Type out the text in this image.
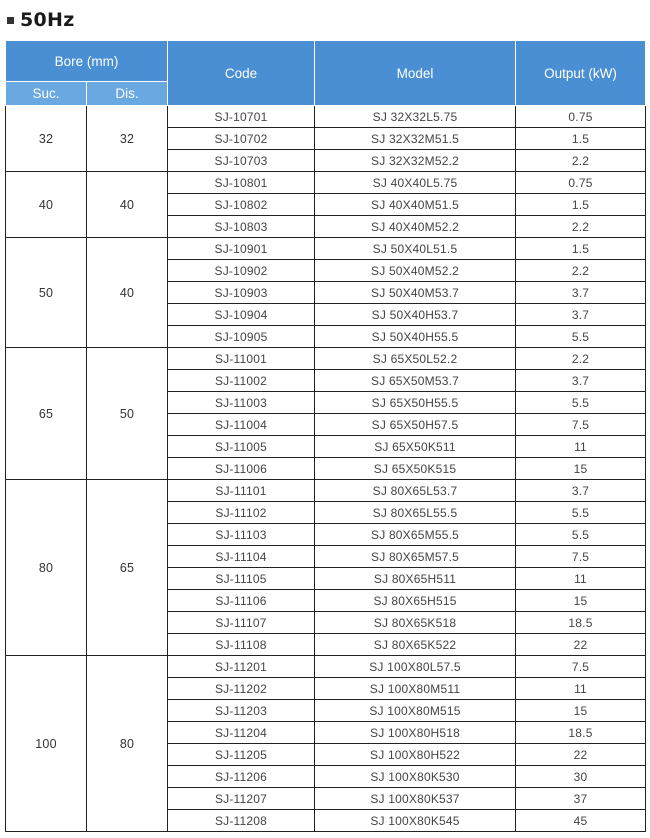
50Hz
Bore (mm)		Code	Model	Output (kW)
Suc.	Dis.			
32	32	SJ-10701	SJ 32X32L5.75	0.75
		SJ-10702	SJ 32X32M51.5	1.5
		SJ-10703	SJ 32X32M52.2	2.2
40	40	SJ-10801	SJ 40X40L5.75	0.75
		SJ-10802	SJ 40X40M51.5	1.5
		SJ-10803	SJ 40X40M52.2	2.2
50	40	SJ-10901	SJ 50X40L51.5	1.5
		SJ-10902	SJ 50X40M52.2	2.2
		SJ-10903	SJ 50X40M53.7	3.7
		SJ-10904	SJ 50X40H53.7	3.7
		SJ-10905	SJ 50X40H55.5	5.5
65	50	SJ-11001	SJ 65X50L52.2	2.2
		SJ-11002	SJ 65X50M53.7	3.7
		SJ-11003	SJ 65X50H55.5	5.5
		SJ-11004	SJ 65X50H57.5	7.5
		SJ-11005	SJ 65X50K511	11
		SJ-11006	SJ 65X50K515	15
80	65	SJ-11101	SJ 80X65L53.7	3.7
		SJ-11102	SJ 80X65L55.5	5.5
		SJ-11103	SJ 80X65M55.5	5.5
		SJ-11104	SJ 80X65M57.5	7.5
		SJ-11105	SJ 80X65H511	11
		SJ-11106	SJ 80X65H515	15
		SJ-11107	SJ 80X65K518	18.5
		SJ-11108	SJ 80X65K522	22
100	80	SJ-11201	SJ 100X80L57.5	7.5
		SJ-11202	SJ 100X80M511	11
		SJ-11203	SJ 100X80M515	15
		SJ-11204	SJ 100X80H518	18.5
		SJ-11205	SJ 100X80H522	22
		SJ-11206	SJ 100X80K530	30
		SJ-11207	SJ 100X80K537	37
		SJ-11208	SJ 100X80K545	45
